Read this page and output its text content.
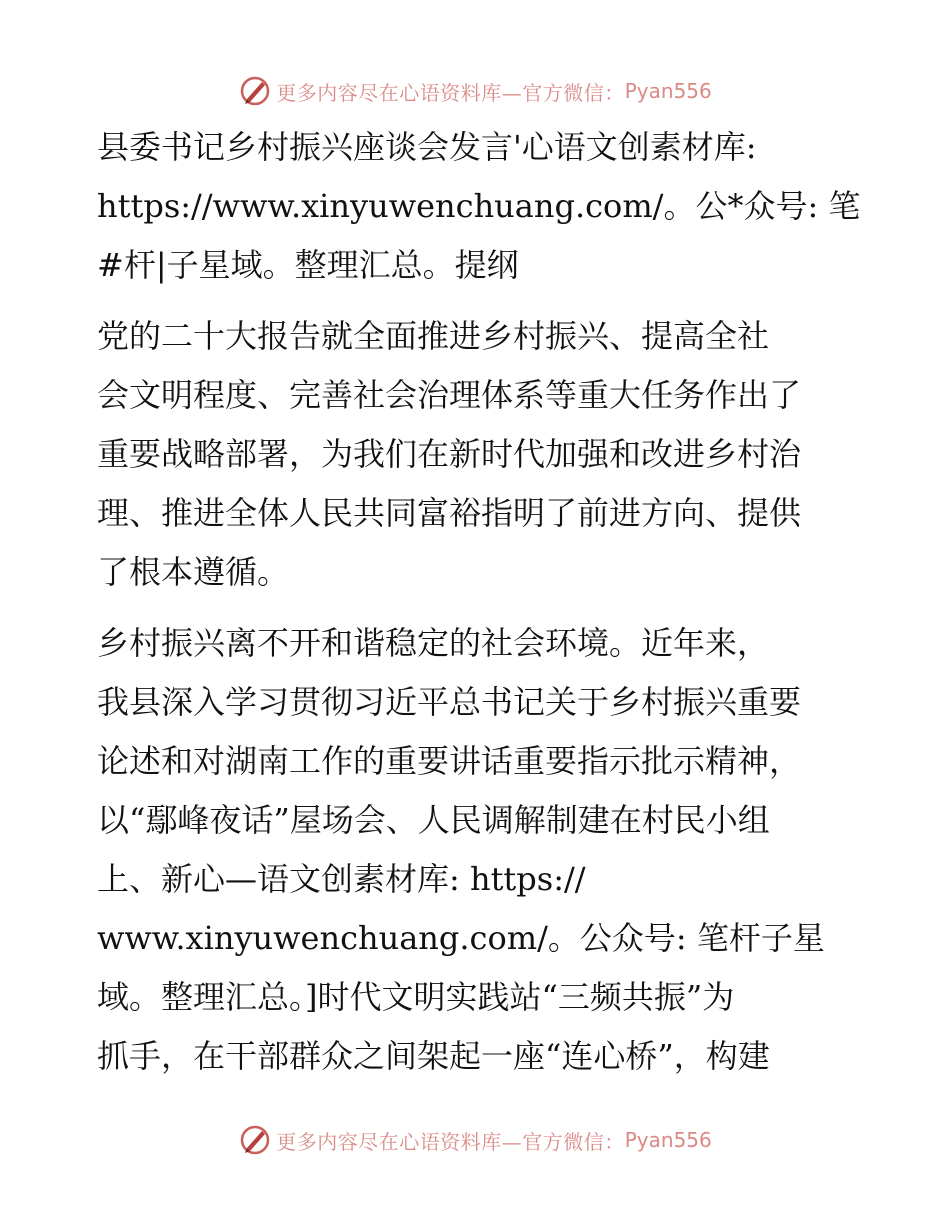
更多内容尽在心语资料库—官方微信： Pyan556

县委书记乡村振兴座谈会发言'心语文创素材库:
https://www.xinyuwenchuang.com/。公*众号: 笔
#杆|子星域。整理汇总。提纲

党的二十大报告就全面推进乡村振兴、提高全社
会文明程度、完善社会治理体系等重大任务作出了
重要战略部署，为我们在新时代加强和改进乡村治
理、推进全体人民共同富裕指明了前进方向、提供
了根本遵循。

乡村振兴离不开和谐稳定的社会环境。近年来，
我县深入学习贯彻习近平总书记关于乡村振兴重要
论述和对湖南工作的重要讲话重要指示批示精神，
以“鄢峰夜话”屋场会、人民调解制建在村民小组
上、新心—语文创素材库: https://
www.xinyuwenchuang.com/。公众号: 笔杆子星
域。整理汇总。]时代文明实践站“三频共振”为
抓手，在干部群众之间架起一座“连心桥”，构建

更多内容尽在心语资料库—官方微信： Pyan556
